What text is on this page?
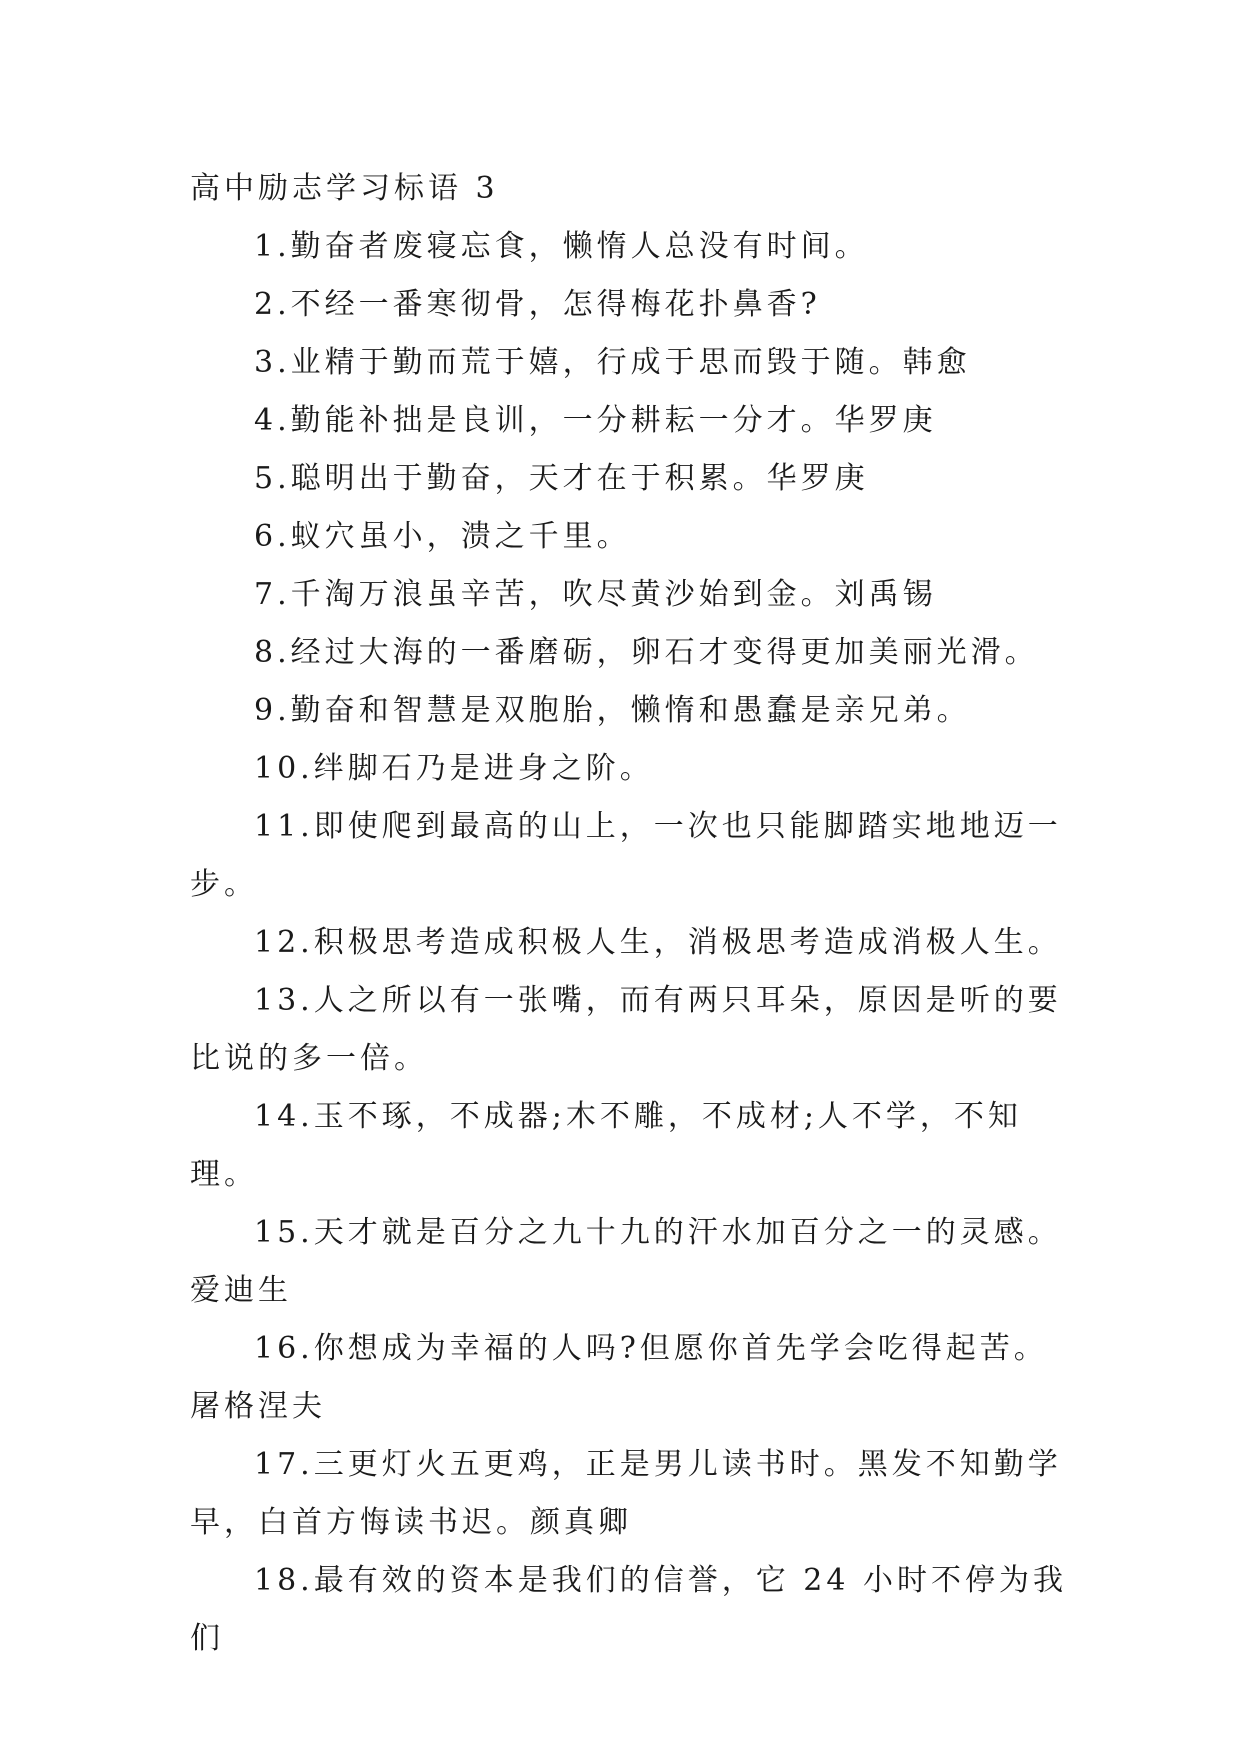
高中励志学习标语 3

1.勤奋者废寝忘食，懒惰人总没有时间。

2.不经一番寒彻骨，怎得梅花扑鼻香?

3.业精于勤而荒于嬉，行成于思而毁于随。韩愈

4.勤能补拙是良训，一分耕耘一分才。华罗庚

5.聪明出于勤奋，天才在于积累。华罗庚

6.蚁穴虽小，溃之千里。

7.千淘万浪虽辛苦，吹尽黄沙始到金。刘禹锡

8.经过大海的一番磨砺，卵石才变得更加美丽光滑。

9.勤奋和智慧是双胞胎，懒惰和愚蠢是亲兄弟。

10.绊脚石乃是进身之阶。

11.即使爬到最高的山上，一次也只能脚踏实地地迈一步。

12.积极思考造成积极人生，消极思考造成消极人生。

13.人之所以有一张嘴，而有两只耳朵，原因是听的要比说的多一倍。

14.玉不琢，不成器;木不雕，不成材;人不学，不知理。

15.天才就是百分之九十九的汗水加百分之一的灵感。爱迪生

16.你想成为幸福的人吗?但愿你首先学会吃得起苦。屠格涅夫

17.三更灯火五更鸡，正是男儿读书时。黑发不知勤学早，白首方悔读书迟。颜真卿

18.最有效的资本是我们的信誉，它 24 小时不停为我们
